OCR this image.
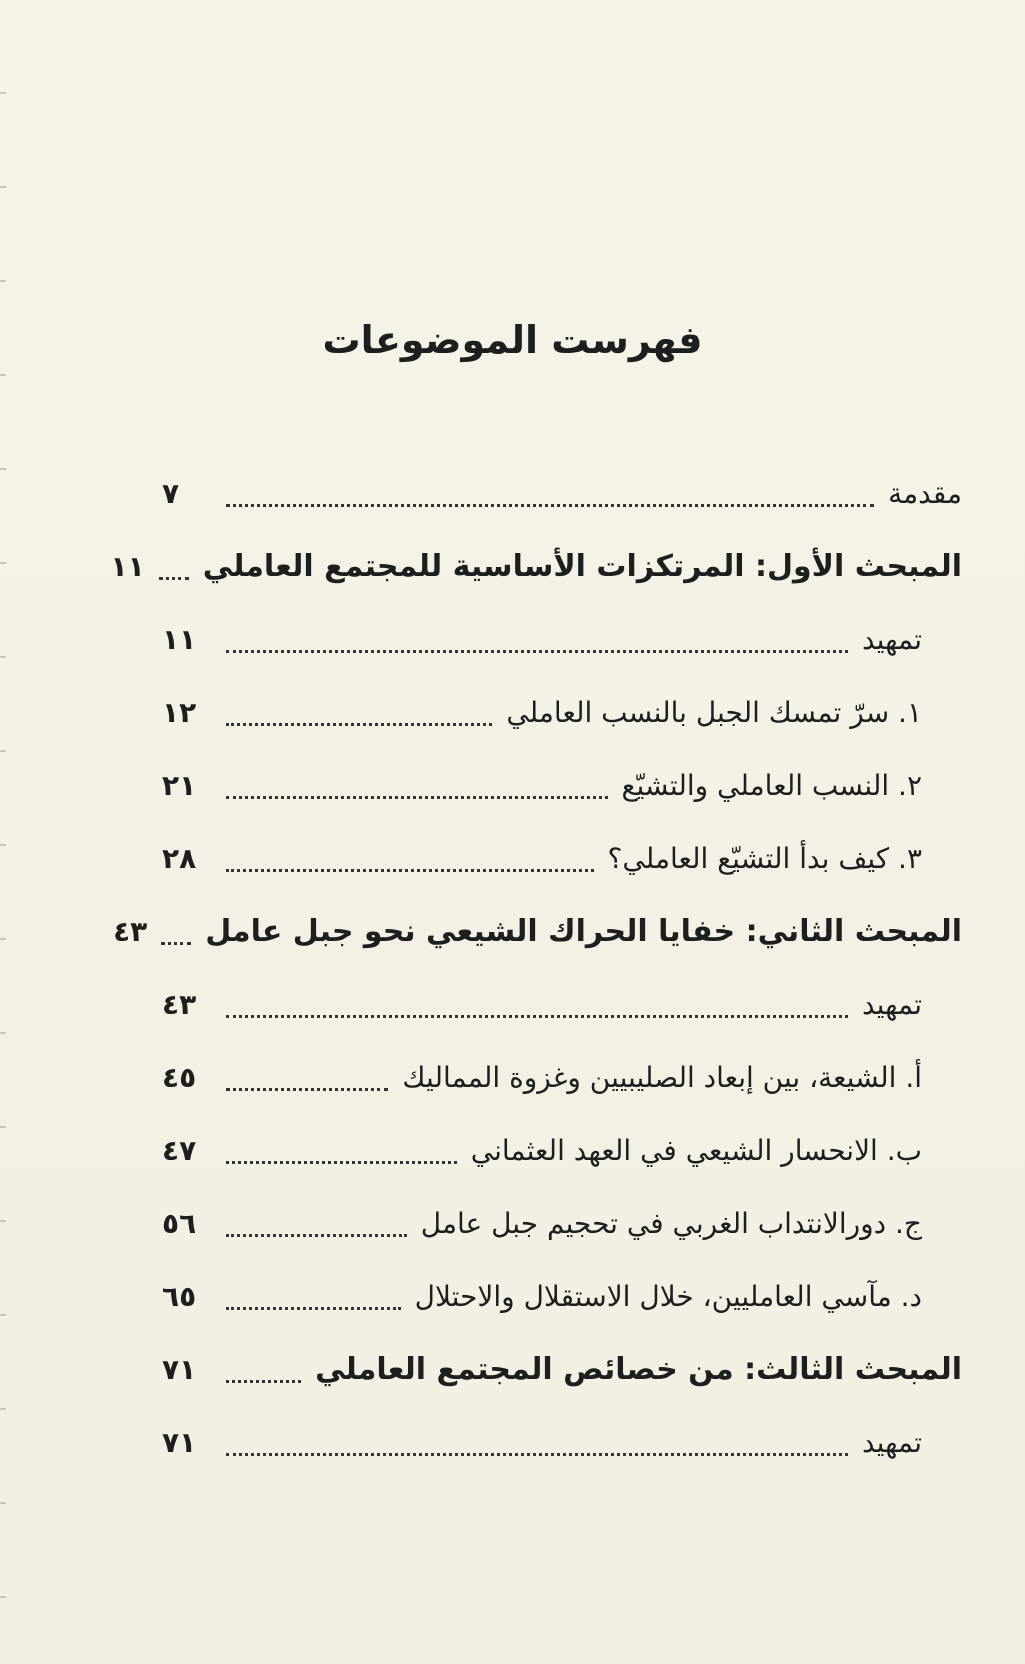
فهرست الموضوعات
مقدمة
٧
المبحث الأول: المرتكزات الأساسية للمجتمع العاملي
١١
تمهيد
١١
١. سرّ تمسك الجبل بالنسب العاملي
١٢
٢. النسب العاملي والتشيّع
٢١
٣. كيف بدأ التشيّع العاملي؟
٢٨
المبحث الثاني: خفايا الحراك الشيعي نحو جبل عامل
٤٣
تمهيد
٤٣
أ. الشيعة، بين إبعاد الصليبيين وغزوة المماليك
٤٥
ب. الانحسار الشيعي في العهد العثماني
٤٧
ج. دورالانتداب الغربي في تحجيم جبل عامل
٥٦
د. مآسي العامليين، خلال الاستقلال والاحتلال
٦٥
المبحث الثالث: من خصائص المجتمع العاملي
٧١
تمهيد
٧١
